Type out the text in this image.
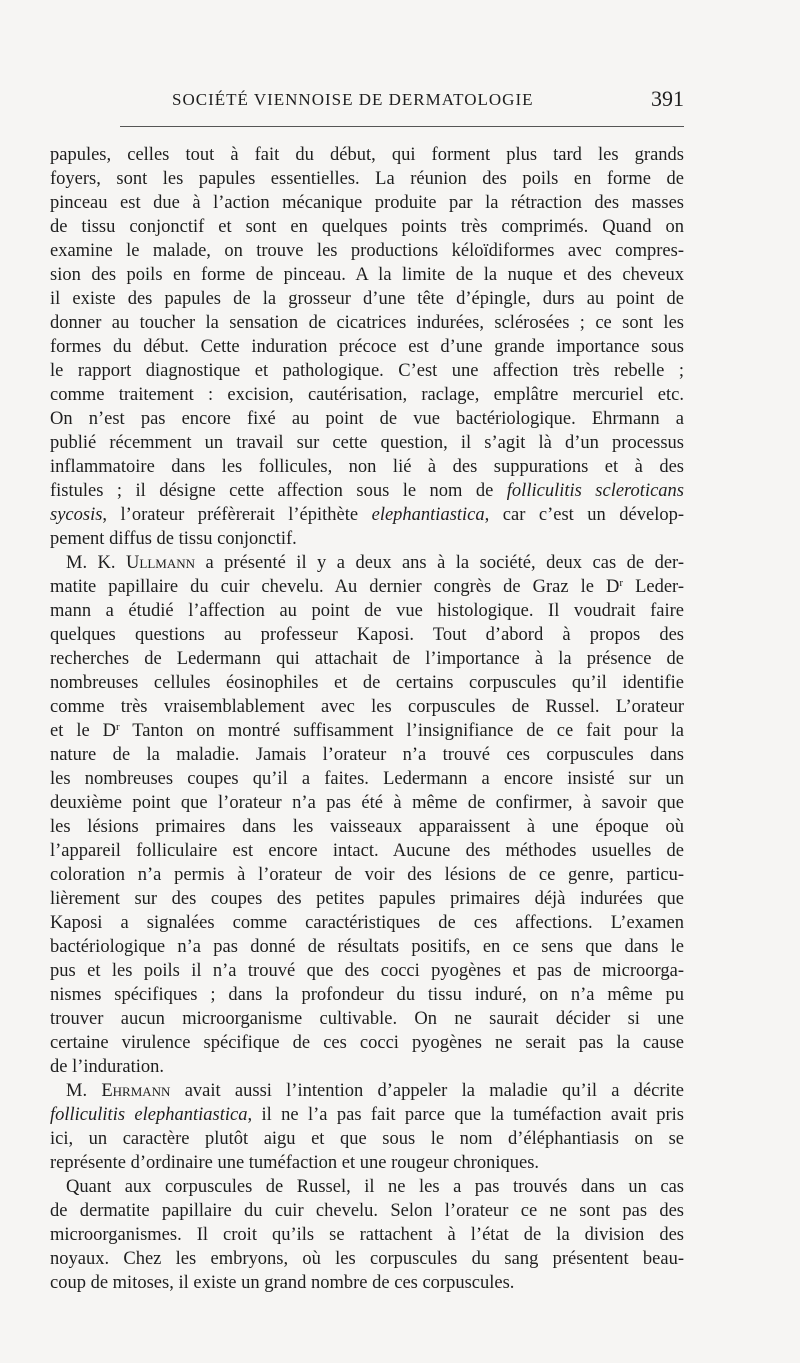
SOCIÉTÉ VIENNOISE DE DERMATOLOGIE	391
papules, celles tout à fait du début, qui forment plus tard les grands
foyers, sont les papules essentielles. La réunion des poils en forme de
pinceau est due à l’action mécanique produite par la rétraction des masses
de tissu conjonctif et sont en quelques points très comprimés. Quand on
examine le malade, on trouve les productions kéloïdiformes avec compres-
sion des poils en forme de pinceau. A la limite de la nuque et des cheveux
il existe des papules de la grosseur d’une tête d’épingle, durs au point de
donner au toucher la sensation de cicatrices indurées, sclérosées ; ce sont les
formes du début. Cette induration précoce est d’une grande importance sous
le rapport diagnostique et pathologique. C’est une affection très rebelle ;
comme traitement : excision, cautérisation, raclage, emplâtre mercuriel etc.
On n’est pas encore fixé au point de vue bactériologique. Ehrmann a
publié récemment un travail sur cette question, il s’agit là d’un processus
inflammatoire dans les follicules, non lié à des suppurations et à des
fistules ; il désigne cette affection sous le nom de folliculitis scleroticans
sycosis, l’orateur préfèrerait l’épithète elephantiastica, car c’est un dévelop-
pement diffus de tissu conjonctif.
M. K. Ullmann a présenté il y a deux ans à la société, deux cas de der-
matite papillaire du cuir chevelu. Au dernier congrès de Graz le $D^r$ Leder-
mann a étudié l’affection au point de vue histologique. Il voudrait faire
quelques questions au professeur Kaposi. Tout d’abord à propos des
recherches de Ledermann qui attachait de l’importance à la présence de
nombreuses cellules éosinophiles et de certains corpuscules qu’il identifie
comme très vraisemblablement avec les corpuscules de Russel. L’orateur
et le $D^r$ Tanton on montré suffisamment l’insignifiance de ce fait pour la
nature de la maladie. Jamais l’orateur n’a trouvé ces corpuscules dans
les nombreuses coupes qu’il a faites. Ledermann a encore insisté sur un
deuxième point que l’orateur n’a pas été à même de confirmer, à savoir que
les lésions primaires dans les vaisseaux apparaissent à une époque où
l’appareil folliculaire est encore intact. Aucune des méthodes usuelles de
coloration n’a permis à l’orateur de voir des lésions de ce genre, particu-
lièrement sur des coupes des petites papules primaires déjà indurées que
Kaposi a signalées comme caractéristiques de ces affections. L’examen
bactériologique n’a pas donné de résultats positifs, en ce sens que dans le
pus et les poils il n’a trouvé que des cocci pyogènes et pas de microorga-
nismes spécifiques ; dans la profondeur du tissu induré, on n’a même pu
trouver aucun microorganisme cultivable. On ne saurait décider si une
certaine virulence spécifique de ces cocci pyogènes ne serait pas la cause
de l’induration.
M. Ehrmann avait aussi l’intention d’appeler la maladie qu’il a décrite
folliculitis elephantiastica, il ne l’a pas fait parce que la tuméfaction avait pris
ici, un caractère plutôt aigu et que sous le nom d’éléphantiasis on se
représente d’ordinaire une tuméfaction et une rougeur chroniques.
Quant aux corpuscules de Russel, il ne les a pas trouvés dans un cas
de dermatite papillaire du cuir chevelu. Selon l’orateur ce ne sont pas des
microorganismes. Il croit qu’ils se rattachent à l’état de la division des
noyaux. Chez les embryons, où les corpuscules du sang présentent beau-
coup de mitoses, il existe un grand nombre de ces corpuscules.
